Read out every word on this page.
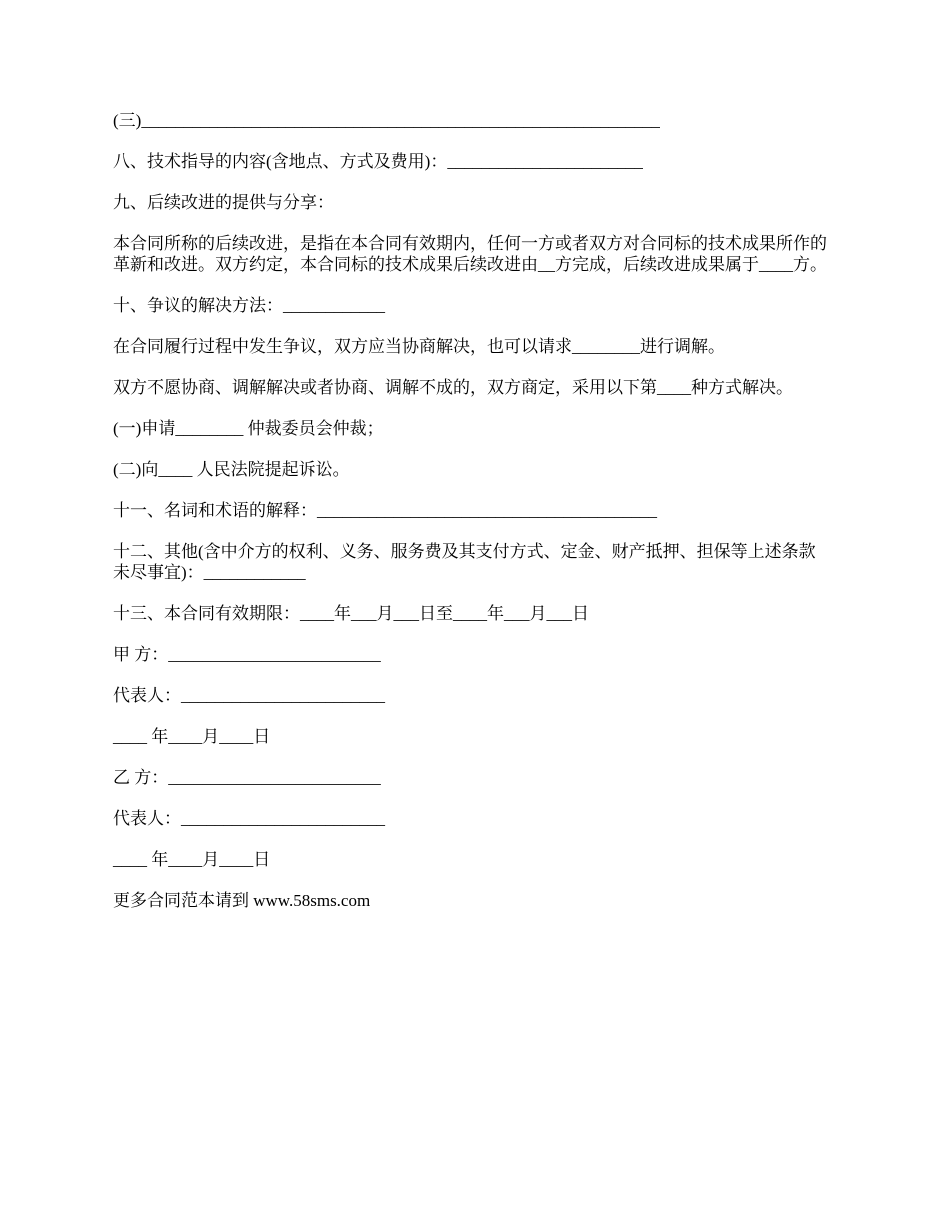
(三)_____________________________________________________________

八、技术指导的内容(含地点、方式及费用)：_______________________

九、后续改进的提供与分享：

本合同所称的后续改进，是指在本合同有效期内，任何一方或者双方对合同标的技术成果所作的革新和改进。双方约定，本合同标的技术成果后续改进由__方完成，后续改进成果属于____方。

十、争议的解决方法：____________

在合同履行过程中发生争议，双方应当协商解决，也可以请求________进行调解。

双方不愿协商、调解解决或者协商、调解不成的，双方商定，采用以下第____种方式解决。

(一)申请________ 仲裁委员会仲裁；

(二)向____ 人民法院提起诉讼。

十一、名词和术语的解释：________________________________________

十二、其他(含中介方的权利、义务、服务费及其支付方式、定金、财产抵押、担保等上述条款未尽事宜)：____________

十三、本合同有效期限：____年___月___日至____年___月___日

甲 方：_________________________

代表人：________________________

____ 年____月____日

乙 方：_________________________

代表人：________________________

____ 年____月____日

更多合同范本请到 www.58sms.com
